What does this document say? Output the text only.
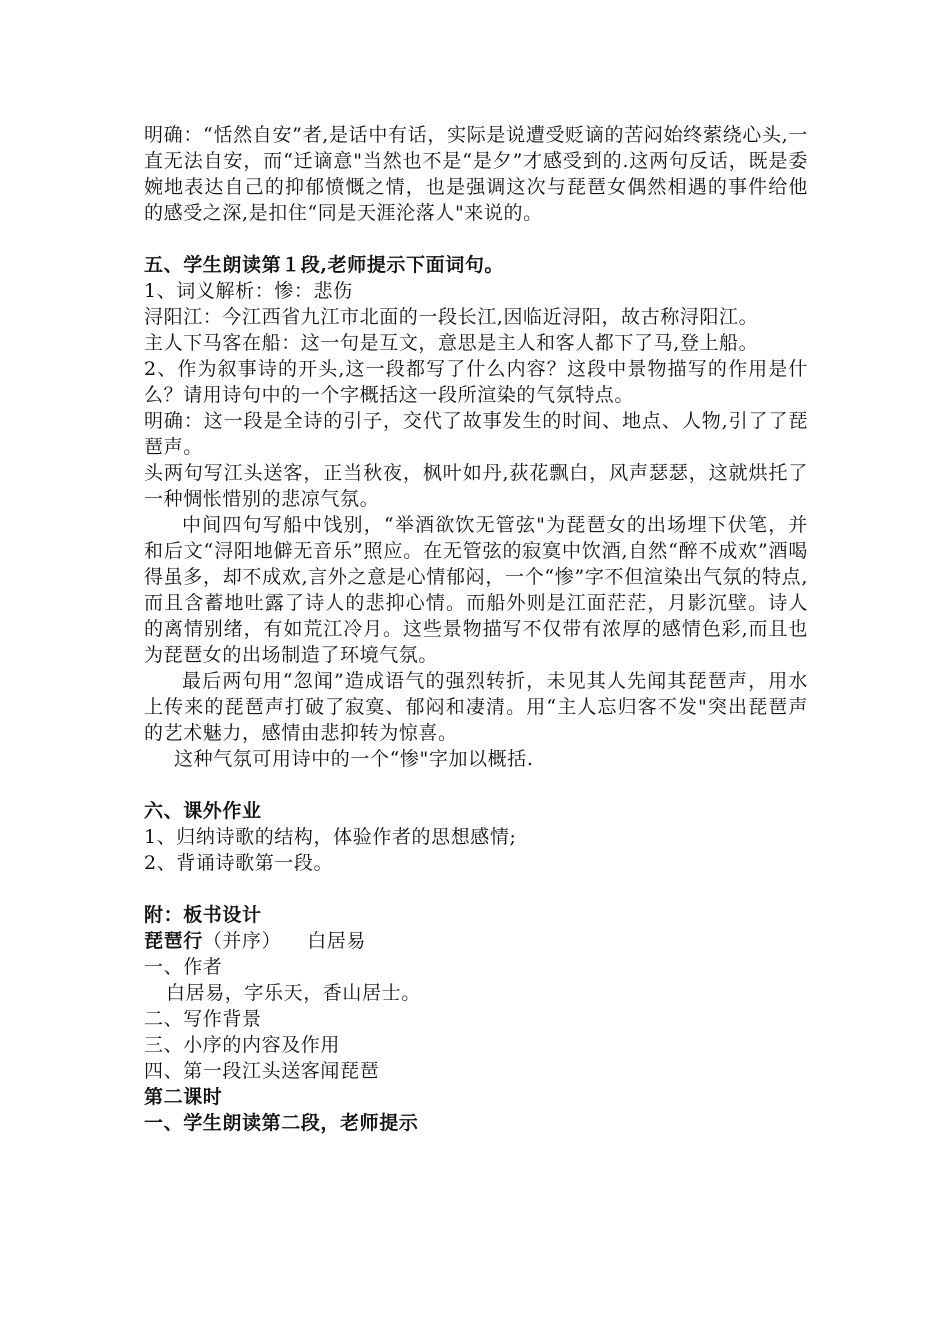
明确：“恬然自安”者,是话中有话，实际是说遭受贬谪的苦闷始终萦绕心头,一直无法自安，而“迁谪意"当然也不是“是夕”才感受到的.这两句反话，既是委婉地表达自己的抑郁愤慨之情，也是强调这次与琵琶女偶然相遇的事件给他的感受之深,是扣住“同是天涯沦落人"来说的。

五、学生朗读第１段,老师提示下面词句。

1、词义解析：惨：悲伤

浔阳江：今江西省九江市北面的一段长江,因临近浔阳，故古称浔阳江。

主人下马客在船：这一句是互文，意思是主人和客人都下了马,登上船。

2、作为叙事诗的开头,这一段都写了什么内容？这段中景物描写的作用是什么？请用诗句中的一个字概括这一段所渲染的气氛特点。

明确：这一段是全诗的引子，交代了故事发生的时间、地点、人物,引了了琵琶声。

头两句写江头送客，正当秋夜，枫叶如丹,荻花飘白，风声瑟瑟，这就烘托了一种惆怅惜别的悲凉气氛。

中间四句写船中饯别，“举酒欲饮无管弦"为琵琶女的出场埋下伏笔，并和后文“浔阳地僻无音乐”照应。在无管弦的寂寞中饮酒,自然“醉不成欢”酒喝得虽多，却不成欢,言外之意是心情郁闷，一个“惨”字不但渲染出气氛的特点,而且含蓄地吐露了诗人的悲抑心情。而船外则是江面茫茫，月影沉壁。诗人的离情别绪，有如荒江冷月。这些景物描写不仅带有浓厚的感情色彩,而且也为琵琶女的出场制造了环境气氛。

最后两句用“忽闻”造成语气的强烈转折，未见其人先闻其琵琶声，用水上传来的琵琶声打破了寂寞、郁闷和凄清。用“主人忘归客不发"突出琵琶声的艺术魅力，感情由悲抑转为惊喜。

这种气氛可用诗中的一个“惨"字加以概括.

六、课外作业

1、归纳诗歌的结构，体验作者的思想感情;

2、背诵诗歌第一段。

附：板书设计

琵琶行（并序） 白居易

一、作者

白居易，字乐天，香山居士。

二、写作背景

三、小序的内容及作用

四、第一段江头送客闻琵琶

第二课时

一、学生朗读第二段，老师提示
